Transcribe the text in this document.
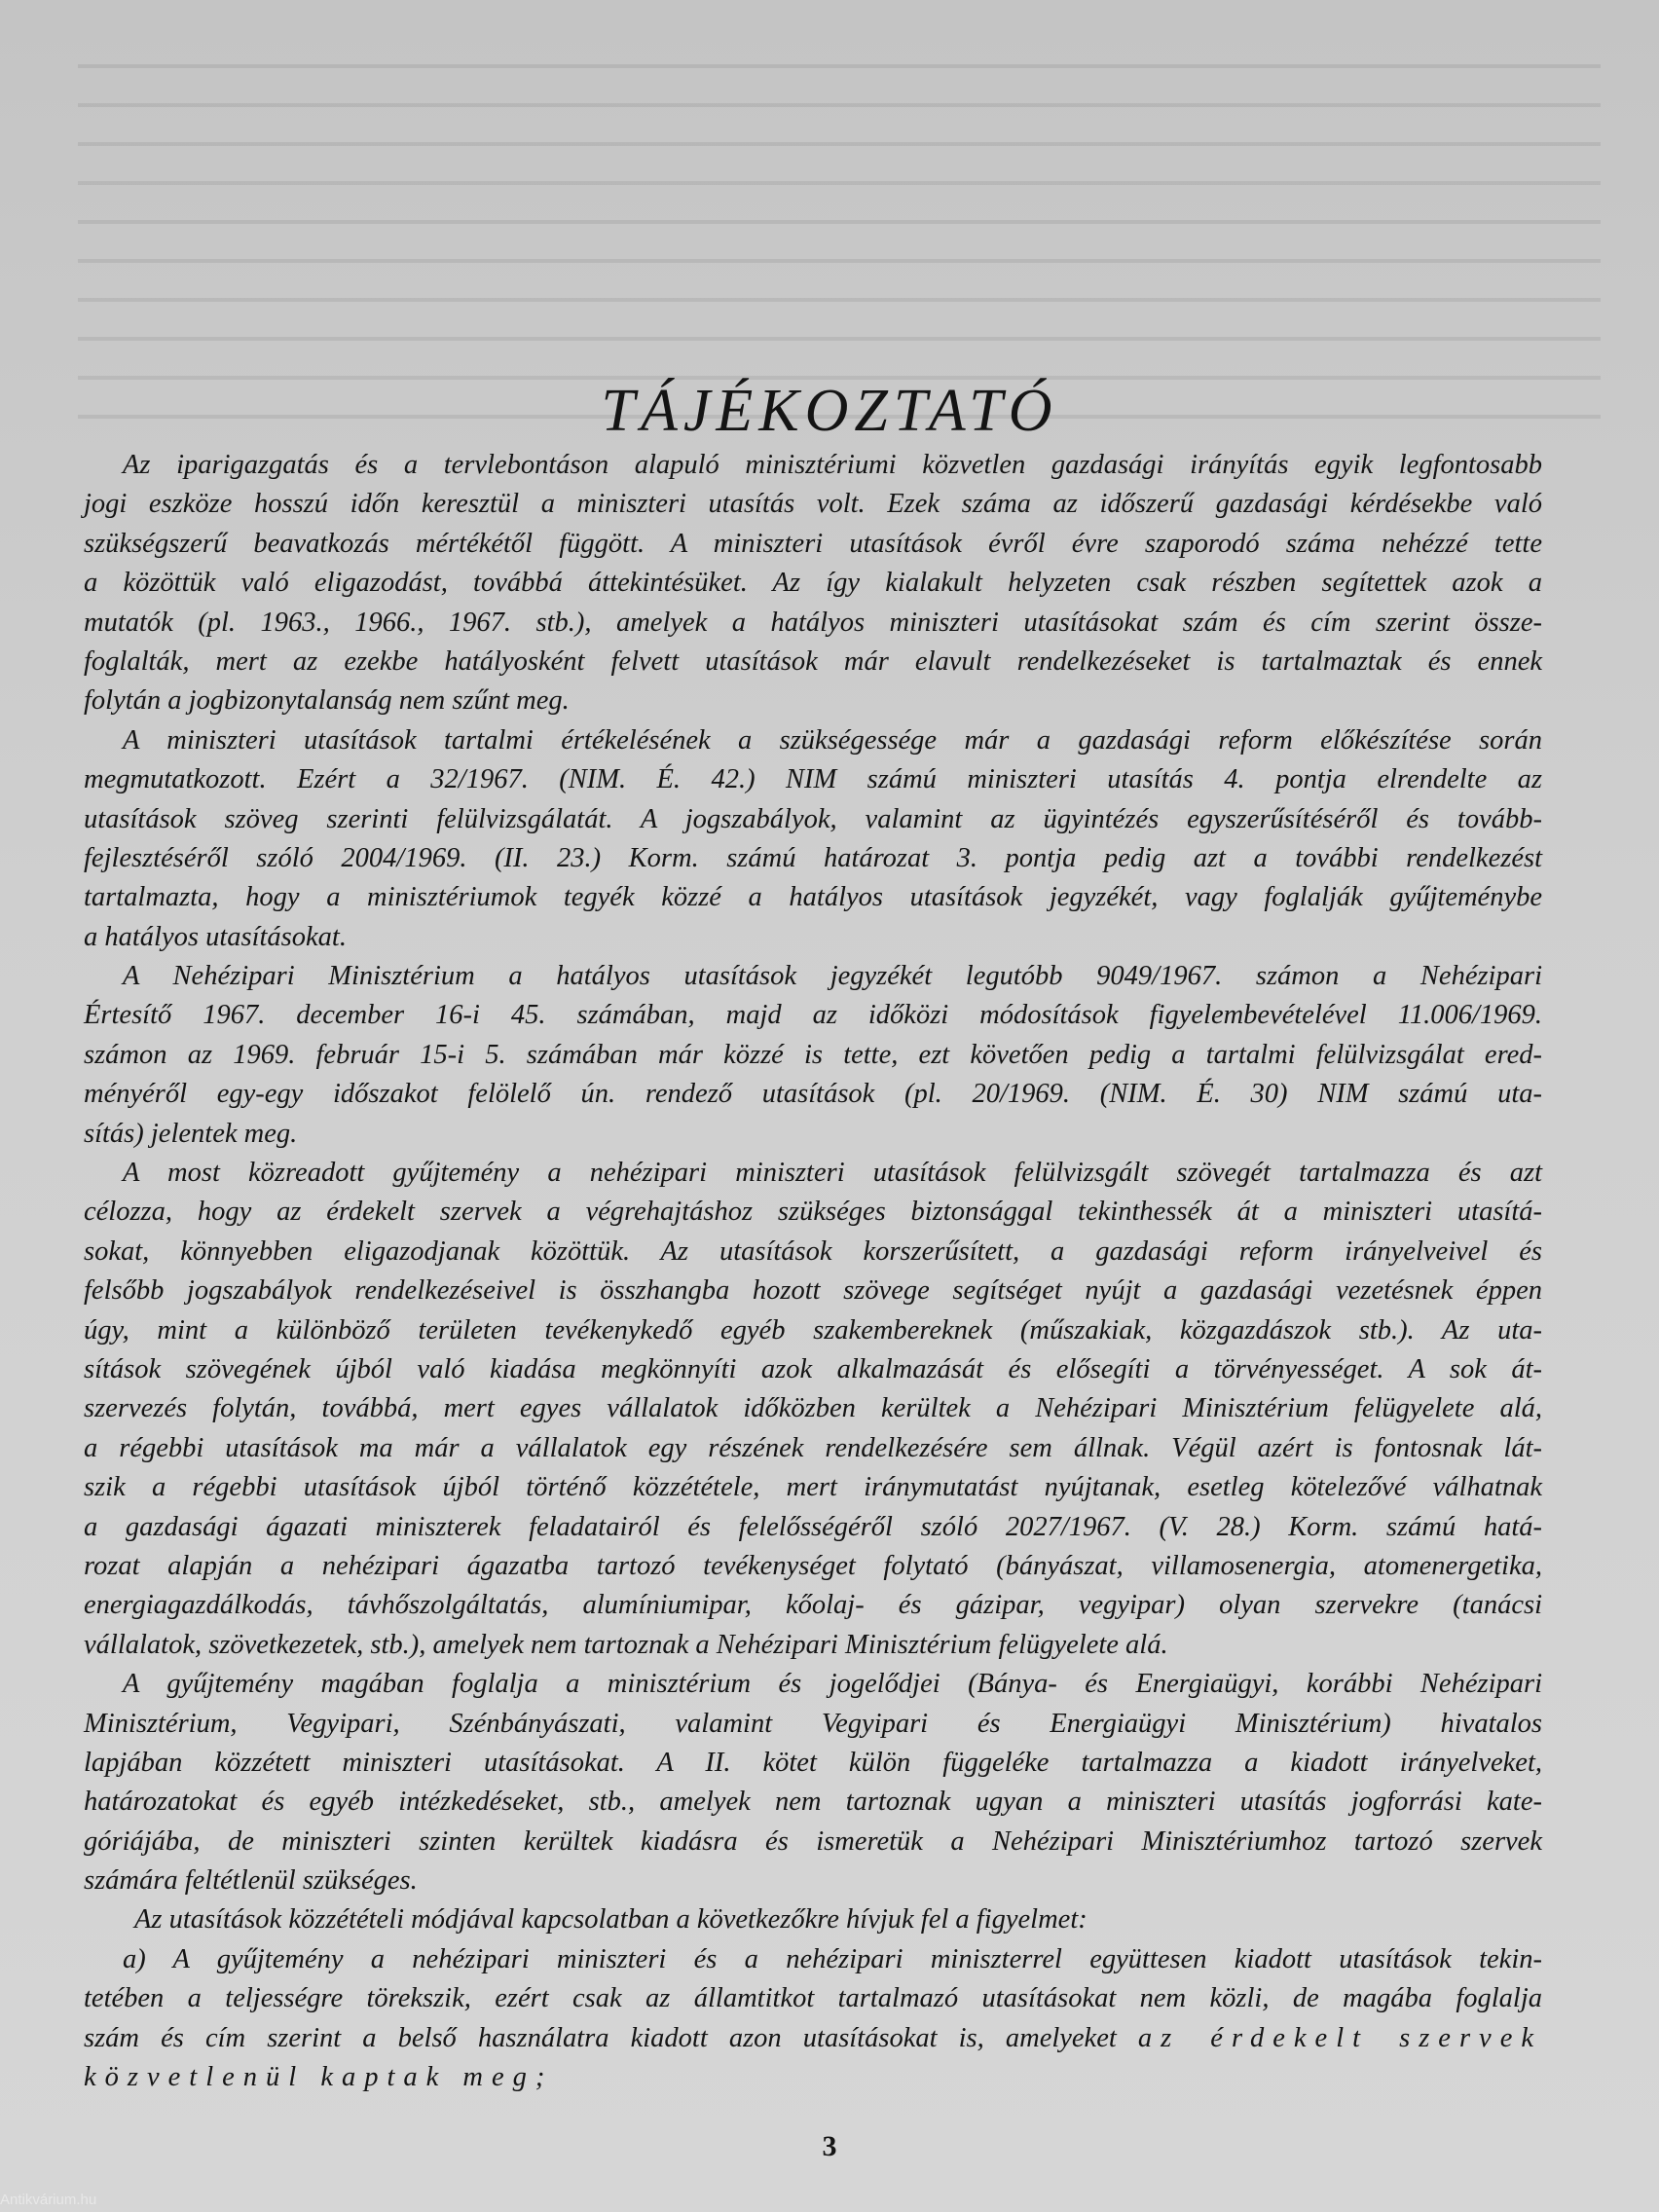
TÁJÉKOZTATÓ
Az iparigazgatás és a tervlebontáson alapuló minisztériumi közvetlen gazdasági irányítás egyik legfontosabb
jogi eszköze hosszú időn keresztül a miniszteri utasítás volt. Ezek száma az időszerű gazdasági kérdésekbe való
szükségszerű beavatkozás mértékétől függött. A miniszteri utasítások évről évre szaporodó száma nehézzé tette
a közöttük való eligazodást, továbbá áttekintésüket. Az így kialakult helyzeten csak részben segítettek azok a
mutatók (pl. 1963., 1966., 1967. stb.), amelyek a hatályos miniszteri utasításokat szám és cím szerint össze-
foglalták, mert az ezekbe hatályosként felvett utasítások már elavult rendelkezéseket is tartalmaztak és ennek
folytán a jogbizonytalanság nem szűnt meg.
A miniszteri utasítások tartalmi értékelésének a szükségessége már a gazdasági reform előkészítése során
megmutatkozott. Ezért a 32/1967. (NIM. É. 42.) NIM számú miniszteri utasítás 4. pontja elrendelte az
utasítások szöveg szerinti felülvizsgálatát. A jogszabályok, valamint az ügyintézés egyszerűsítéséről és tovább-
fejlesztéséről szóló 2004/1969. (II. 23.) Korm. számú határozat 3. pontja pedig azt a további rendelkezést
tartalmazta, hogy a minisztériumok tegyék közzé a hatályos utasítások jegyzékét, vagy foglalják gyűjteménybe
a hatályos utasításokat.
A Nehézipari Minisztérium a hatályos utasítások jegyzékét legutóbb 9049/1967. számon a Nehézipari
Értesítő 1967. december 16-i 45. számában, majd az időközi módosítások figyelembevételével 11.006/1969.
számon az 1969. február 15-i 5. számában már közzé is tette, ezt követően pedig a tartalmi felülvizsgálat ered-
ményéről egy-egy időszakot felölelő ún. rendező utasítások (pl. 20/1969. (NIM. É. 30) NIM számú uta-
sítás) jelentek meg.
A most közreadott gyűjtemény a nehézipari miniszteri utasítások felülvizsgált szövegét tartalmazza és azt
célozza, hogy az érdekelt szervek a végrehajtáshoz szükséges biztonsággal tekinthessék át a miniszteri utasítá-
sokat, könnyebben eligazodjanak közöttük. Az utasítások korszerűsített, a gazdasági reform irányelveivel és
felsőbb jogszabályok rendelkezéseivel is összhangba hozott szövege segítséget nyújt a gazdasági vezetésnek éppen
úgy, mint a különböző területen tevékenykedő egyéb szakembereknek (műszakiak, közgazdászok stb.). Az uta-
sítások szövegének újból való kiadása megkönnyíti azok alkalmazását és elősegíti a törvényességet. A sok át-
szervezés folytán, továbbá, mert egyes vállalatok időközben kerültek a Nehézipari Minisztérium felügyelete alá,
a régebbi utasítások ma már a vállalatok egy részének rendelkezésére sem állnak. Végül azért is fontosnak lát-
szik a régebbi utasítások újból történő közzététele, mert iránymutatást nyújtanak, esetleg kötelezővé válhatnak
a gazdasági ágazati miniszterek feladatairól és felelősségéről szóló 2027/1967. (V. 28.) Korm. számú hatá-
rozat alapján a nehézipari ágazatba tartozó tevékenységet folytató (bányászat, villamosenergia, atomenergetika,
energiagazdálkodás, távhőszolgáltatás, alumíniumipar, kőolaj- és gázipar, vegyipar) olyan szervekre (tanácsi
vállalatok, szövetkezetek, stb.), amelyek nem tartoznak a Nehézipari Minisztérium felügyelete alá.
A gyűjtemény magában foglalja a minisztérium és jogelődjei (Bánya- és Energiaügyi, korábbi Nehézipari
Minisztérium, Vegyipari, Szénbányászati, valamint Vegyipari és Energiaügyi Minisztérium) hivatalos
lapjában közzétett miniszteri utasításokat. A II. kötet külön függeléke tartalmazza a kiadott irányelveket,
határozatokat és egyéb intézkedéseket, stb., amelyek nem tartoznak ugyan a miniszteri utasítás jogforrási kate-
góriájába, de miniszteri szinten kerültek kiadásra és ismeretük a Nehézipari Minisztériumhoz tartozó szervek
számára feltétlenül szükséges.
Az utasítások közzétételi módjával kapcsolatban a következőkre hívjuk fel a figyelmet:
a) A gyűjtemény a nehézipari miniszteri és a nehézipari miniszterrel együttesen kiadott utasítások tekin-
tetében a teljességre törekszik, ezért csak az államtitkot tartalmazó utasításokat nem közli, de magába foglalja
szám és cím szerint a belső használatra kiadott azon utasításokat is, amelyeket az érdekelt szervek
közvetlenül kaptak meg;
3
Antikvárium.hu
